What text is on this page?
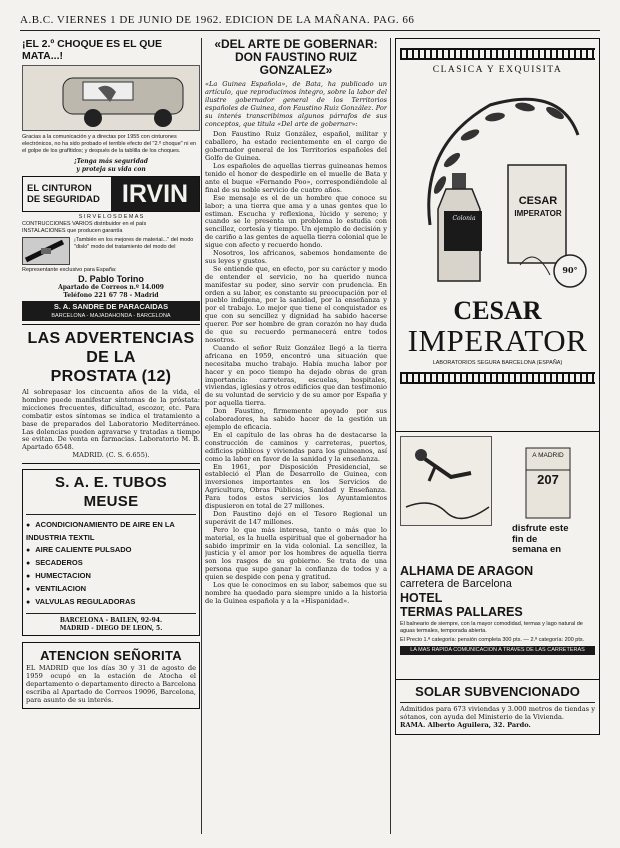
A.B.C. VIERNES 1 DE JUNIO DE 1962. EDICION DE LA MAÑANA. PAG. 66
¡EL 2.º CHOQUE ES EL QUE MATA...!

Gracias a la comunicación y a directas por 1955 con cinturones electrónicos, no ha sido probado el terrible efecto del "2.º choque" ni en el golpe de los grafítidos; y después de la tablilla de los choques.

¡Tenga más seguridad
y proteja su vida con
EL CINTURON
DE SEGURIDAD IRVIN
S I R V E L O S D E M A S
CONTRUCCIONES VARIOS distribuidor en el país
INSTALACIONES que producen garantía
¡También en los mejores de material..." del modo "dislo" modo del tratamiento del modo del
Representante exclusivo para España:
D. Pablo Torino
Apartado de Correos n.º 14.009
Teléfono 221 67 78 - Madrid
S. A. SANDRE DE PARACAIDAS
BARCELONA - MAJADAHONDA - BARCELONA
LAS ADVERTENCIAS DE LA
PROSTATA (12)

Al sobrepasar los cincuenta años de la vida, el hombre puede manifestar síntomas de la próstata: micciones frecuentes, dificultad, escozor, etc. Para combatir estos síntomas se indica el tratamiento a base de preparados del Laboratorio Mediterráneo. Las dolencias pueden agravarse y tratadas a tiempo se evitan. De venta en farmacias. Laboratorio M. B. Apartado 6548.

MADRID. (C. S. 6.655).
S. A. E. TUBOS MEUSE
● ACONDICIONAMIENTO DE AIRE EN LA INDUSTRIA TEXTIL
● AIRE CALIENTE PULSADO
● SECADEROS
● HUMECTACION
● VENTILACION
● VALVULAS REGULADORAS
BARCELONA - BAILEN, 92-94.
MADRID - DIEGO DE LEON, 5.
ATENCION SEÑORITA

EL MADRID que los días 30 y 31 de agosto de 1959 ocupó en la estación de Atocha el departamento o departamento directo a Barcelona escriba al Apartado de Correos 19096, Barcelona, para asunto de su interés.

«DEL ARTE DE GOBERNAR: DON FAUSTINO RUIZ GONZALEZ»

«La Guinea Española», de Bata, ha publicado un artículo, que reproducimos íntegro, sobre la labor del ilustre gobernador general de los Territorios españoles de Guinea, don Faustino Ruiz González. Por su interés transcribimos algunos párrafos de sus conceptos, que titula «Del arte de gobernar»:

Don Faustino Ruiz González, español, militar y caballero, ha estado recientemente en el cargo de gobernador general de los Territorios españoles del Golfo de Guinea.

Los españoles de aquellas tierras guineanas hemos tenido el honor de despedirle en el muelle de Bata y ante el buque «Fernando Poo», correspondiéndole al final de su noble servicio de cuatro años.

Ese mensaje es el de un hombre que conoce su labor; a una tierra que ama y a unas gentes que lo estiman. Escucha y reflexiona, lúcido y sereno; y cuando se le presenta un problema lo estudia con sencillez, cortesía y tiempo. Un ejemplo de decisión y de cariño a las gentes de aquella tierra colonial que le sigue con afecto y recuerdo hondo.

Nosotros, los africanos, sabemos hondamente de sus leyes y gustos.

Se entiende que, en efecto, por su carácter y modo de entender el servicio, no ha querido nunca manifestar su poder, sino servir con prudencia. En orden a su labor, es constante su preocupación por el pueblo indígena, por la sanidad, por la enseñanza y por el trabajo. Lo mejor que tiene el conquistador es que con su sencillez y dignidad ha sabido hacerse querer. Por ser hombre de gran corazón no hay duda de que su recuerdo permanecerá entre todos nosotros.

Cuando el señor Ruiz González llegó a la tierra africana en 1959, encontró una situación que necesitaba mucho trabajo. Había mucha labor por hacer y en poco tiempo ha dejado obras de gran importancia: carreteras, escuelas, hospitales, viviendas, iglesias y otros edificios que dan testimonio de su voluntad de servicio y de su amor por España y por aquella tierra.

Don Faustino, firmemente apoyado por sus colaboradores, ha sabido hacer de la gestión un ejemplo de eficacia.

En el capítulo de las obras ha de destacarse la construcción de caminos y carreteras, puertos, edificios públicos y viviendas para los guineanos, así como la labor en favor de la sanidad y la enseñanza.

En 1961, por Disposición Presidencial, se estableció el Plan de Desarrollo de Guinea, con inversiones importantes en los Servicios de Agricultura, Obras Públicas, Sanidad y Enseñanza. Para todos estos servicios los Ayuntamientos dispusieron en total de 27 millones.

Don Faustino dejó en el Tesoro Regional un superávit de 147 millones.

Pero lo que más interesa, tanto o más que lo material, es la huella espiritual que el gobernador ha sabido imprimir en la vida colonial. La sencillez, la justicia y el amor por los hombres de aquella tierra son los rasgos de su gobierno. Se trata de una persona que supo ganar la confianza de todos y a quien se despide con pena y gratitud.

Los que le conocimos en su labor, sabemos que su nombre ha quedado para siempre unido a la historia de la Guinea española y a la «Hispanidad».

CLASICA Y EXQUISITA
Colonia
CESAR
IMPERATOR
90°
CESAR
IMPERATOR
LABORATORIOS SEGURA BARCELONA (ESPAÑA)
A MADRID
207
disfrute este
fin de
semana en
ALHAMA DE ARAGON
carretera de Barcelona
HOTEL
TERMAS PALLARES

El balneario de siempre, con la mayor comodidad, termas y lago natural de aguas termales, temporada abierta.

El Precio 1.ª categoría: pensión completa 300 pts. — 2.ª categoría: 200 pts.

LA MAS RAPIDA COMUNICACION A TRAVES DE LAS CARRETERAS
SOLAR SUBVENCIONADO

Admitidos para 673 viviendas y 3.000 metros de tiendas y sótanos, con ayuda del Ministerio de la Vivienda.

RAMA. Alberto Aguilera, 32. Pardo.
